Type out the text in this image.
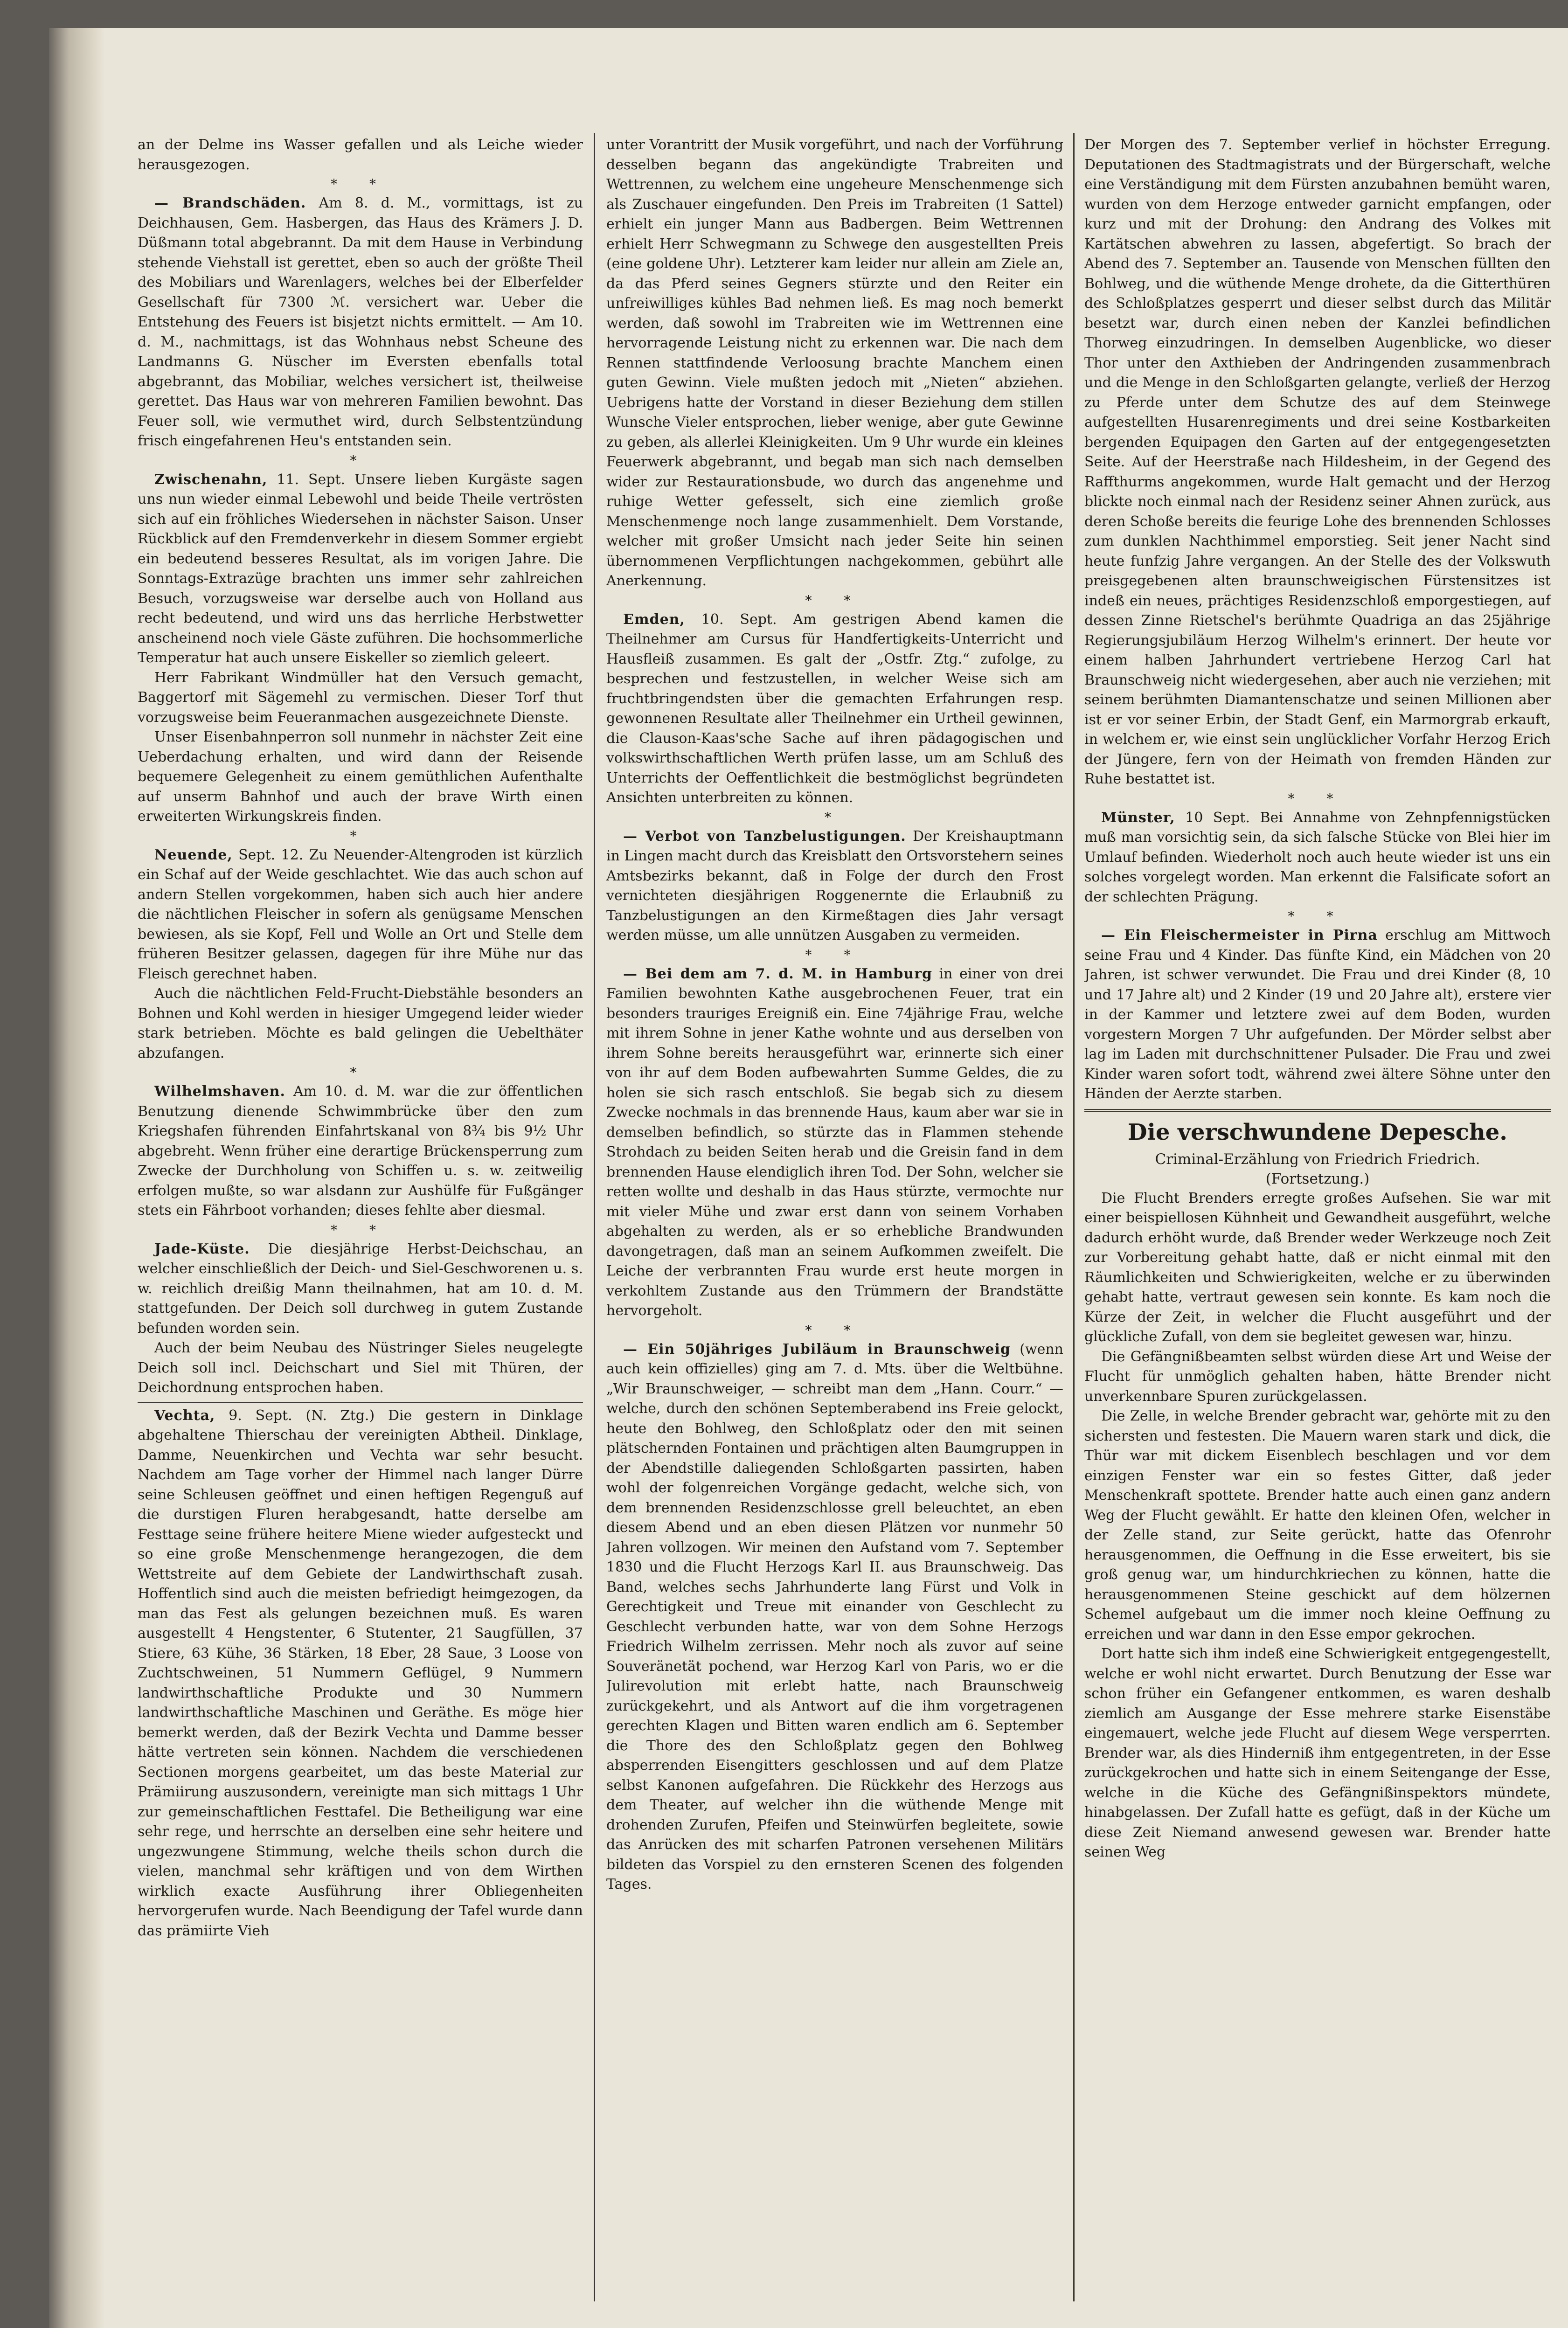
an der Delme ins Wasser gefallen und als Leiche wieder herausgezogen.

* *

— Brandschäden. Am 8. d. M., vormittags, ist zu Deichhausen, Gem. Hasbergen, das Haus des Krämers J. D. Düßmann total abgebrannt. Da mit dem Hause in Verbindung stehende Viehstall ist gerettet, eben so auch der größte Theil des Mobiliars und Warenlagers, welches bei der Elberfelder Gesellschaft für 7300 ℳ. versichert war. Ueber die Entstehung des Feuers ist bisjetzt nichts ermittelt. — Am 10. d. M., nachmittags, ist das Wohnhaus nebst Scheune des Landmanns G. Nüscher im Eversten ebenfalls total abgebrannt, das Mobiliar, welches versichert ist, theilweise gerettet. Das Haus war von mehreren Familien bewohnt. Das Feuer soll, wie vermuthet wird, durch Selbstentzündung frisch eingefahrenen Heu's entstanden sein.

*

Zwischenahn, 11. Sept. Unsere lieben Kurgäste sagen uns nun wieder einmal Lebewohl und beide Theile vertrösten sich auf ein fröhliches Wiedersehen in nächster Saison. Unser Rückblick auf den Fremdenverkehr in diesem Sommer ergiebt ein bedeutend besseres Resultat, als im vorigen Jahre. Die Sonntags-Extrazüge brachten uns immer sehr zahlreichen Besuch, vorzugsweise war derselbe auch von Holland aus recht bedeutend, und wird uns das herrliche Herbstwetter anscheinend noch viele Gäste zuführen. Die hochsommerliche Temperatur hat auch unsere Eiskeller so ziemlich geleert.

Herr Fabrikant Windmüller hat den Versuch gemacht, Baggertorf mit Sägemehl zu vermischen. Dieser Torf thut vorzugsweise beim Feueranmachen ausgezeichnete Dienste.

Unser Eisenbahnperron soll nunmehr in nächster Zeit eine Ueberdachung erhalten, und wird dann der Reisende bequemere Gelegenheit zu einem gemüthlichen Aufenthalte auf unserm Bahnhof und auch der brave Wirth einen erweiterten Wirkungskreis finden.

*

Neuende, Sept. 12. Zu Neuender-Altengroden ist kürzlich ein Schaf auf der Weide geschlachtet. Wie das auch schon auf andern Stellen vorgekommen, haben sich auch hier andere die nächtlichen Fleischer in sofern als genügsame Menschen bewiesen, als sie Kopf, Fell und Wolle an Ort und Stelle dem früheren Besitzer gelassen, dagegen für ihre Mühe nur das Fleisch gerechnet haben.

Auch die nächtlichen Feld-Frucht-Diebstähle besonders an Bohnen und Kohl werden in hiesiger Umgegend leider wieder stark betrieben. Möchte es bald gelingen die Uebelthäter abzufangen.

*

Wilhelmshaven. Am 10. d. M. war die zur öffentlichen Benutzung dienende Schwimmbrücke über den zum Kriegshafen führenden Einfahrtskanal von 8¾ bis 9½ Uhr abgebreht. Wenn früher eine derartige Brückensperrung zum Zwecke der Durchholung von Schiffen u. s. w. zeitweilig erfolgen mußte, so war alsdann zur Aushülfe für Fußgänger stets ein Fährboot vorhanden; dieses fehlte aber diesmal.

* *

Jade-Küste. Die diesjährige Herbst-Deichschau, an welcher einschließlich der Deich- und Siel-Geschworenen u. s. w. reichlich dreißig Mann theilnahmen, hat am 10. d. M. stattgefunden. Der Deich soll durchweg in gutem Zustande befunden worden sein.

Auch der beim Neubau des Nüstringer Sieles neugelegte Deich soll incl. Deichschart und Siel mit Thüren, der Deichordnung entsprochen haben.

Vechta, 9. Sept. (N. Ztg.) Die gestern in Dinklage abgehaltene Thierschau der vereinigten Abtheil. Dinklage, Damme, Neuenkirchen und Vechta war sehr besucht. Nachdem am Tage vorher der Himmel nach langer Dürre seine Schleusen geöffnet und einen heftigen Regenguß auf die durstigen Fluren herabgesandt, hatte derselbe am Festtage seine frühere heitere Miene wieder aufgesteckt und so eine große Menschenmenge herangezogen, die dem Wettstreite auf dem Gebiete der Landwirthschaft zusah. Hoffentlich sind auch die meisten befriedigt heimgezogen, da man das Fest als gelungen bezeichnen muß. Es waren ausgestellt 4 Hengstenter, 6 Stutenter, 21 Saugfüllen, 37 Stiere, 63 Kühe, 36 Stärken, 18 Eber, 28 Saue, 3 Loose von Zuchtschweinen, 51 Nummern Geflügel, 9 Nummern landwirthschaftliche Produkte und 30 Nummern landwirthschaftliche Maschinen und Geräthe. Es möge hier bemerkt werden, daß der Bezirk Vechta und Damme besser hätte vertreten sein können. Nachdem die verschiedenen Sectionen morgens gearbeitet, um das beste Material zur Prämiirung auszusondern, vereinigte man sich mittags 1 Uhr zur gemeinschaftlichen Festtafel. Die Betheiligung war eine sehr rege, und herrschte an derselben eine sehr heitere und ungezwungene Stimmung, welche theils schon durch die vielen, manchmal sehr kräftigen und von dem Wirthen wirklich exacte Ausführung ihrer Obliegenheiten hervorgerufen wurde. Nach Beendigung der Tafel wurde dann das prämiirte Vieh

unter Vorantritt der Musik vorgeführt, und nach der Vorführung desselben begann das angekündigte Trabreiten und Wettrennen, zu welchem eine ungeheure Menschenmenge sich als Zuschauer eingefunden. Den Preis im Trabreiten (1 Sattel) erhielt ein junger Mann aus Badbergen. Beim Wettrennen erhielt Herr Schwegmann zu Schwege den ausgestellten Preis (eine goldene Uhr). Letzterer kam leider nur allein am Ziele an, da das Pferd seines Gegners stürzte und den Reiter ein unfreiwilliges kühles Bad nehmen ließ. Es mag noch bemerkt werden, daß sowohl im Trabreiten wie im Wettrennen eine hervorragende Leistung nicht zu erkennen war. Die nach dem Rennen stattfindende Verloosung brachte Manchem einen guten Gewinn. Viele mußten jedoch mit „Nieten“ abziehen. Uebrigens hatte der Vorstand in dieser Beziehung dem stillen Wunsche Vieler entsprochen, lieber wenige, aber gute Gewinne zu geben, als allerlei Kleinigkeiten. Um 9 Uhr wurde ein kleines Feuerwerk abgebrannt, und begab man sich nach demselben wider zur Restaurationsbude, wo durch das angenehme und ruhige Wetter gefesselt, sich eine ziemlich große Menschenmenge noch lange zusammenhielt. Dem Vorstande, welcher mit großer Umsicht nach jeder Seite hin seinen übernommenen Verpflichtungen nachgekommen, gebührt alle Anerkennung.

* *

Emden, 10. Sept. Am gestrigen Abend kamen die Theilnehmer am Cursus für Handfertigkeits-Unterricht und Hausfleiß zusammen. Es galt der „Ostfr. Ztg.“ zufolge, zu besprechen und festzustellen, in welcher Weise sich am fruchtbringendsten über die gemachten Erfahrungen resp. gewonnenen Resultate aller Theilnehmer ein Urtheil gewinnen, die Clauson-Kaas'sche Sache auf ihren pädagogischen und volkswirthschaftlichen Werth prüfen lasse, um am Schluß des Unterrichts der Oeffentlichkeit die bestmöglichst begründeten Ansichten unterbreiten zu können.

*

— Verbot von Tanzbelustigungen. Der Kreishauptmann in Lingen macht durch das Kreisblatt den Ortsvorstehern seines Amtsbezirks bekannt, daß in Folge der durch den Frost vernichteten diesjährigen Roggenernte die Erlaubniß zu Tanzbelustigungen an den Kirmeßtagen dies Jahr versagt werden müsse, um alle unnützen Ausgaben zu vermeiden.

* *

— Bei dem am 7. d. M. in Hamburg in einer von drei Familien bewohnten Kathe ausgebrochenen Feuer, trat ein besonders trauriges Ereigniß ein. Eine 74jährige Frau, welche mit ihrem Sohne in jener Kathe wohnte und aus derselben von ihrem Sohne bereits herausgeführt war, erinnerte sich einer von ihr auf dem Boden aufbewahrten Summe Geldes, die zu holen sie sich rasch entschloß. Sie begab sich zu diesem Zwecke nochmals in das brennende Haus, kaum aber war sie in demselben befindlich, so stürzte das in Flammen stehende Strohdach zu beiden Seiten herab und die Greisin fand in dem brennenden Hause elendiglich ihren Tod. Der Sohn, welcher sie retten wollte und deshalb in das Haus stürzte, vermochte nur mit vieler Mühe und zwar erst dann von seinem Vorhaben abgehalten zu werden, als er so erhebliche Brandwunden davongetragen, daß man an seinem Aufkommen zweifelt. Die Leiche der verbrannten Frau wurde erst heute morgen in verkohltem Zustande aus den Trümmern der Brandstätte hervorgeholt.

* *

— Ein 50jähriges Jubiläum in Braunschweig (wenn auch kein offizielles) ging am 7. d. Mts. über die Weltbühne. „Wir Braunschweiger, — schreibt man dem „Hann. Courr.“ — welche, durch den schönen Septemberabend ins Freie gelockt, heute den Bohlweg, den Schloßplatz oder den mit seinen plätschernden Fontainen und prächtigen alten Baumgruppen in der Abendstille daliegenden Schloßgarten passirten, haben wohl der folgenreichen Vorgänge gedacht, welche sich, von dem brennenden Residenzschlosse grell beleuchtet, an eben diesem Abend und an eben diesen Plätzen vor nunmehr 50 Jahren vollzogen. Wir meinen den Aufstand vom 7. September 1830 und die Flucht Herzogs Karl II. aus Braunschweig. Das Band, welches sechs Jahrhunderte lang Fürst und Volk in Gerechtigkeit und Treue mit einander von Geschlecht zu Geschlecht verbunden hatte, war von dem Sohne Herzogs Friedrich Wilhelm zerrissen. Mehr noch als zuvor auf seine Souveränetät pochend, war Herzog Karl von Paris, wo er die Julirevolution mit erlebt hatte, nach Braunschweig zurückgekehrt, und als Antwort auf die ihm vorgetragenen gerechten Klagen und Bitten waren endlich am 6. September die Thore des den Schloßplatz gegen den Bohlweg absperrenden Eisengitters geschlossen und auf dem Platze selbst Kanonen aufgefahren. Die Rückkehr des Herzogs aus dem Theater, auf welcher ihn die wüthende Menge mit drohenden Zurufen, Pfeifen und Steinwürfen begleitete, sowie das Anrücken des mit scharfen Patronen versehenen Militärs bildeten das Vorspiel zu den ernsteren Scenen des folgenden Tages.

Der Morgen des 7. September verlief in höchster Erregung. Deputationen des Stadtmagistrats und der Bürgerschaft, welche eine Verständigung mit dem Fürsten anzubahnen bemüht waren, wurden von dem Herzoge entweder garnicht empfangen, oder kurz und mit der Drohung: den Andrang des Volkes mit Kartätschen abwehren zu lassen, abgefertigt. So brach der Abend des 7. September an. Tausende von Menschen füllten den Bohlweg, und die wüthende Menge drohete, da die Gitterthüren des Schloßplatzes gesperrt und dieser selbst durch das Militär besetzt war, durch einen neben der Kanzlei befindlichen Thorweg einzudringen. In demselben Augenblicke, wo dieser Thor unter den Axthieben der Andringenden zusammenbrach und die Menge in den Schloßgarten gelangte, verließ der Herzog zu Pferde unter dem Schutze des auf dem Steinwege aufgestellten Husarenregiments und drei seine Kostbarkeiten bergenden Equipagen den Garten auf der entgegengesetzten Seite. Auf der Heerstraße nach Hildesheim, in der Gegend des Raffthurms angekommen, wurde Halt gemacht und der Herzog blickte noch einmal nach der Residenz seiner Ahnen zurück, aus deren Schoße bereits die feurige Lohe des brennenden Schlosses zum dunklen Nachthimmel emporstieg. Seit jener Nacht sind heute funfzig Jahre vergangen. An der Stelle des der Volkswuth preisgegebenen alten braunschweigischen Fürstensitzes ist indeß ein neues, prächtiges Residenzschloß emporgestiegen, auf dessen Zinne Rietschel's berühmte Quadriga an das 25jährige Regierungsjubiläum Herzog Wilhelm's erinnert. Der heute vor einem halben Jahrhundert vertriebene Herzog Carl hat Braunschweig nicht wiedergesehen, aber auch nie verziehen; mit seinem berühmten Diamantenschatze und seinen Millionen aber ist er vor seiner Erbin, der Stadt Genf, ein Marmorgrab erkauft, in welchem er, wie einst sein unglücklicher Vorfahr Herzog Erich der Jüngere, fern von der Heimath von fremden Händen zur Ruhe bestattet ist.

* *

Münster, 10 Sept. Bei Annahme von Zehnpfennigstücken muß man vorsichtig sein, da sich falsche Stücke von Blei hier im Umlauf befinden. Wiederholt noch auch heute wieder ist uns ein solches vorgelegt worden. Man erkennt die Falsificate sofort an der schlechten Prägung.

* *

— Ein Fleischermeister in Pirna erschlug am Mittwoch seine Frau und 4 Kinder. Das fünfte Kind, ein Mädchen von 20 Jahren, ist schwer verwundet. Die Frau und drei Kinder (8, 10 und 17 Jahre alt) und 2 Kinder (19 und 20 Jahre alt), erstere vier in der Kammer und letztere zwei auf dem Boden, wurden vorgestern Morgen 7 Uhr aufgefunden. Der Mörder selbst aber lag im Laden mit durchschnittener Pulsader. Die Frau und zwei Kinder waren sofort todt, während zwei ältere Söhne unter den Händen der Aerzte starben.

Die verschwundene Depesche.
Criminal-Erzählung von Friedrich Friedrich.
(Fortsetzung.)

Die Flucht Brenders erregte großes Aufsehen. Sie war mit einer beispiellosen Kühnheit und Gewandheit ausgeführt, welche dadurch erhöht wurde, daß Brender weder Werkzeuge noch Zeit zur Vorbereitung gehabt hatte, daß er nicht einmal mit den Räumlichkeiten und Schwierigkeiten, welche er zu überwinden gehabt hatte, vertraut gewesen sein konnte. Es kam noch die Kürze der Zeit, in welcher die Flucht ausgeführt und der glückliche Zufall, von dem sie begleitet gewesen war, hinzu.

Die Gefängnißbeamten selbst würden diese Art und Weise der Flucht für unmöglich gehalten haben, hätte Brender nicht unverkennbare Spuren zurückgelassen.

Die Zelle, in welche Brender gebracht war, gehörte mit zu den sichersten und festesten. Die Mauern waren stark und dick, die Thür war mit dickem Eisenblech beschlagen und vor dem einzigen Fenster war ein so festes Gitter, daß jeder Menschenkraft spottete. Brender hatte auch einen ganz andern Weg der Flucht gewählt. Er hatte den kleinen Ofen, welcher in der Zelle stand, zur Seite gerückt, hatte das Ofenrohr herausgenommen, die Oeffnung in die Esse erweitert, bis sie groß genug war, um hindurchkriechen zu können, hatte die herausgenommenen Steine geschickt auf dem hölzernen Schemel aufgebaut um die immer noch kleine Oeffnung zu erreichen und war dann in den Esse empor gekrochen.

Dort hatte sich ihm indeß eine Schwierigkeit entgegengestellt, welche er wohl nicht erwartet. Durch Benutzung der Esse war schon früher ein Gefangener entkommen, es waren deshalb ziemlich am Ausgange der Esse mehrere starke Eisenstäbe eingemauert, welche jede Flucht auf diesem Wege versperrten. Brender war, als dies Hinderniß ihm entgegentreten, in der Esse zurückgekrochen und hatte sich in einem Seitengange der Esse, welche in die Küche des Gefängnißinspektors mündete, hinabgelassen. Der Zufall hatte es gefügt, daß in der Küche um diese Zeit Niemand anwesend gewesen war. Brender hatte seinen Weg
